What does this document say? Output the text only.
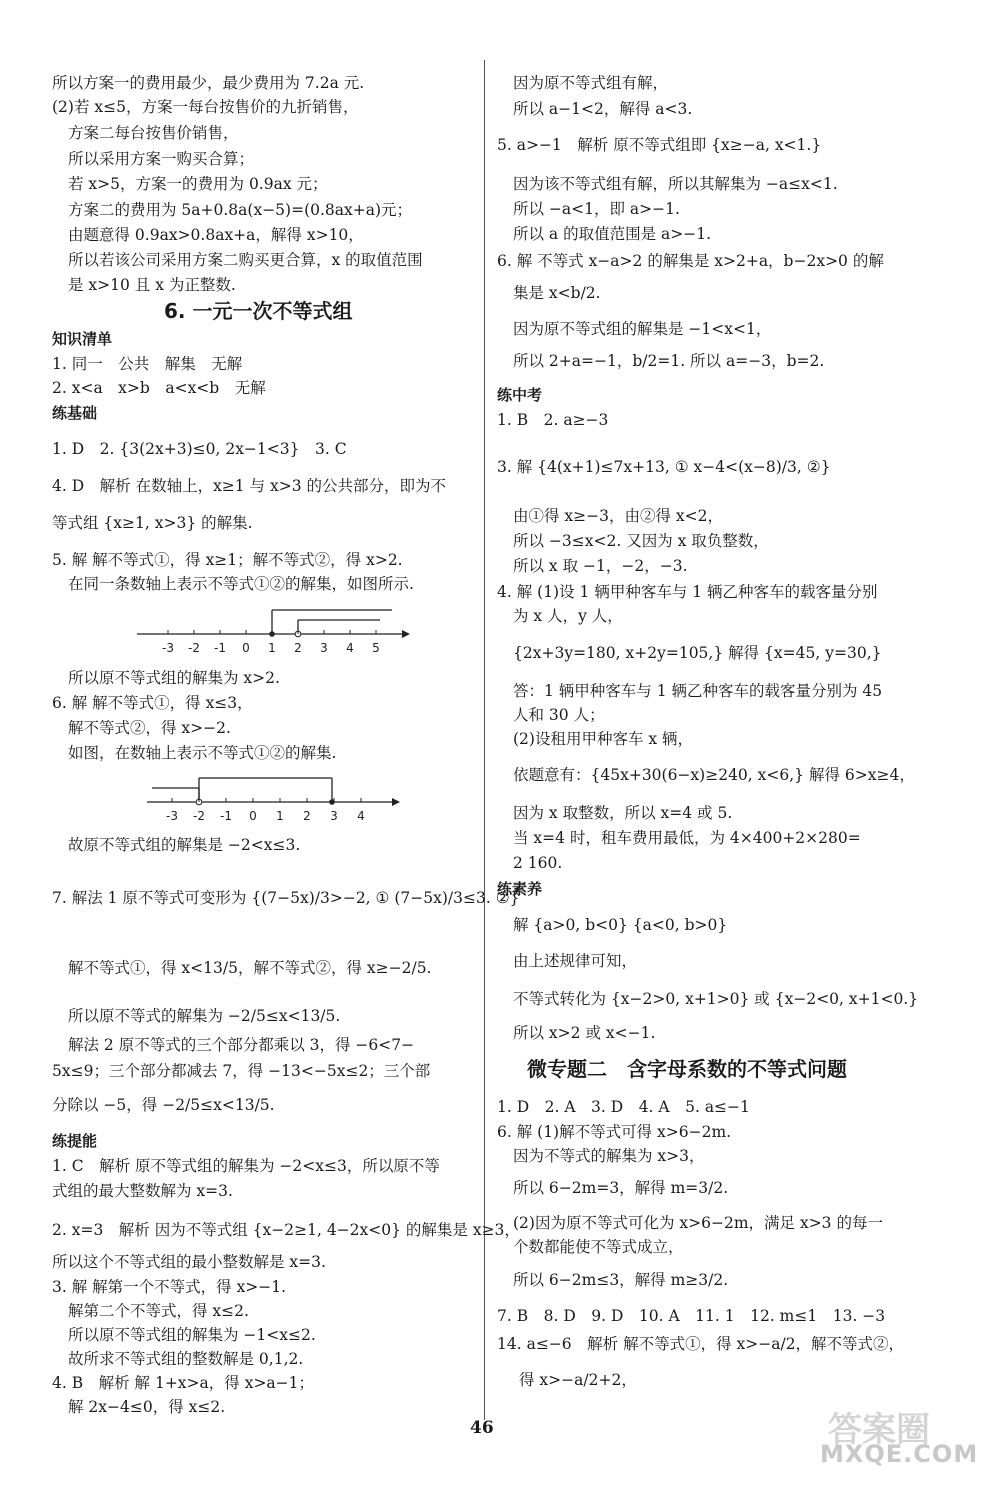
所以方案一的费用最少，最少费用为 7.2a 元.
(2)若 x≤5，方案一每台按售价的九折销售，
方案二每台按售价销售，
所以采用方案一购买合算；
若 x>5，方案一的费用为 0.9ax 元；
方案二的费用为 5a+0.8a(x−5)=(0.8ax+a)元；
由题意得 0.9ax>0.8ax+a，解得 x>10，
所以若该公司采用方案二购买更合算，x 的取值范围
是 x>10 且 x 为正整数.
6. 一元一次不等式组
知识清单
1. 同一　公共　解集　无解
2. x<a　x>b　a<x<b　无解
练基础
1. D　2. {3(2x+3)≤0, 2x−1<3}　3. C
4. D　解析 在数轴上，x≥1 与 x>3 的公共部分，即为不
等式组 {x≥1, x>3} 的解集.
5. 解 解不等式①，得 x≥1；解不等式②，得 x>2.
在同一条数轴上表示不等式①②的解集，如图所示.
-3 -2 -1 0 1 2 3 4 5
所以原不等式组的解集为 x>2.
6. 解 解不等式①，得 x≤3，
解不等式②，得 x>−2.
如图，在数轴上表示不等式①②的解集.
-3 -2 -1 0 1 2 3 4
故原不等式组的解集是 −2<x≤3.
7. 解法 1 原不等式可变形为 {(7−5x)/3>−2, ① (7−5x)/3≤3. ②}
解不等式①，得 x<13/5，解不等式②，得 x≥−2/5.
所以原不等式的解集为 −2/5≤x<13/5.
解法 2 原不等式的三个部分都乘以 3，得 −6<7−
5x≤9；三个部分都减去 7，得 −13<−5x≤2；三个部
分除以 −5，得 −2/5≤x<13/5.
练提能
1. C　解析 原不等式组的解集为 −2<x≤3，所以原不等
式组的最大整数解为 x=3.
2. x=3　解析 因为不等式组 {x−2≥1, 4−2x<0} 的解集是 x≥3，
所以这个不等式组的最小整数解是 x=3.
3. 解 解第一个不等式，得 x>−1.
解第二个不等式，得 x≤2.
所以原不等式组的解集为 −1<x≤2.
故所求不等式组的整数解是 0,1,2.
4. B　解析 解 1+x>a，得 x>a−1；
解 2x−4≤0，得 x≤2.
因为原不等式组有解，
所以 a−1<2，解得 a<3.
5. a>−1　解析 原不等式组即 {x≥−a, x<1.}
因为该不等式组有解，所以其解集为 −a≤x<1.
所以 −a<1，即 a>−1.
所以 a 的取值范围是 a>−1.
6. 解 不等式 x−a>2 的解集是 x>2+a，b−2x>0 的解
集是 x<b/2.
因为原不等式组的解集是 −1<x<1，
所以 2+a=−1，b/2=1. 所以 a=−3，b=2.
练中考
1. B　2. a≥−3
3. 解 {4(x+1)≤7x+13, ① x−4<(x−8)/3, ②}
由①得 x≥−3，由②得 x<2，
所以 −3≤x<2. 又因为 x 取负整数，
所以 x 取 −1，−2，−3.
4. 解 (1)设 1 辆甲种客车与 1 辆乙种客车的载客量分别
为 x 人，y 人，
{2x+3y=180, x+2y=105,} 解得 {x=45, y=30,}
答：1 辆甲种客车与 1 辆乙种客车的载客量分别为 45
人和 30 人；
(2)设租用甲种客车 x 辆，
依题意有：{45x+30(6−x)≥240, x<6,} 解得 6>x≥4，
因为 x 取整数，所以 x=4 或 5.
当 x=4 时，租车费用最低，为 4×400+2×280=
2 160.
练素养
解 {a>0, b<0} {a<0, b>0}
由上述规律可知，
不等式转化为 {x−2>0, x+1>0} 或 {x−2<0, x+1<0.}
所以 x>2 或 x<−1.
微专题二　含字母系数的不等式问题
1. D　2. A　3. D　4. A　5. a≤−1
6. 解 (1)解不等式可得 x>6−2m.
因为不等式的解集为 x>3，
所以 6−2m=3，解得 m=3/2.
(2)因为原不等式可化为 x>6−2m，满足 x>3 的每一
个数都能使不等式成立，
所以 6−2m≤3，解得 m≥3/2.
7. B　8. D　9. D　10. A　11. 1　12. m≤1　13. −3
14. a≤−6　解析 解不等式①，得 x>−a/2，解不等式②，
得 x>−a/2+2，
46	答案圈
MXQE.COM
